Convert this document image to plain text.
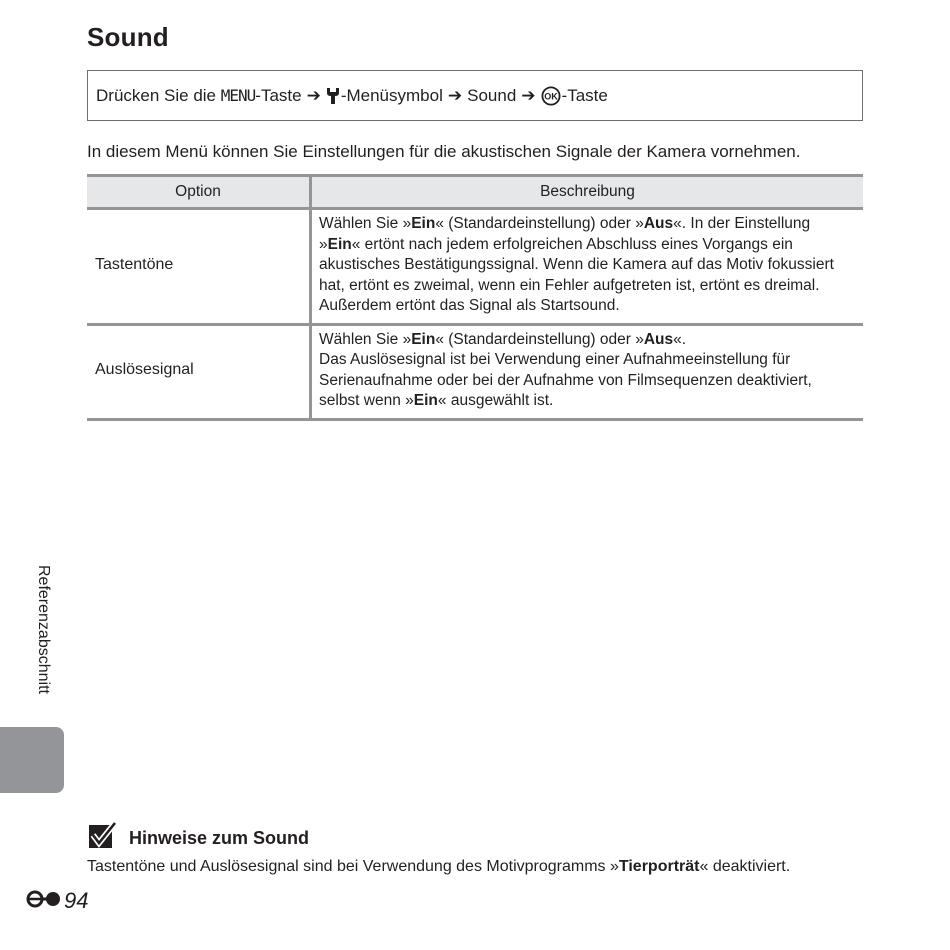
Sound
Drücken Sie die
MENU -Taste ➔ -Menüsymbol ➔ Sound ➔ OK -Taste

In diesem Menü können Sie Einstellungen für die akustischen Signale der Kamera vornehmen.

Option	Beschreibung
Tastentöne	Wählen Sie »Ein« (Standardeinstellung) oder »Aus«. In der Einstellung
»Ein« ertönt nach jedem erfolgreichen Abschluss eines Vorgangs ein
akustisches Bestätigungssignal. Wenn die Kamera auf das Motiv fokussiert
hat, ertönt es zweimal, wenn ein Fehler aufgetreten ist, ertönt es dreimal.
Außerdem ertönt das Signal als Startsound.
Auslösesignal	Wählen Sie »Ein« (Standardeinstellung) oder »Aus«.
Das Auslösesignal ist bei Verwendung einer Aufnahmeeinstellung für
Serienaufnahme oder bei der Aufnahme von Filmsequenzen deaktiviert,
selbst wenn »Ein« ausgewählt ist.
Referenzabschnitt
Hinweise zum Sound

Tastentöne und Auslösesignal sind bei Verwendung des Motivprogramms »Tierporträt« deaktiviert.

94
